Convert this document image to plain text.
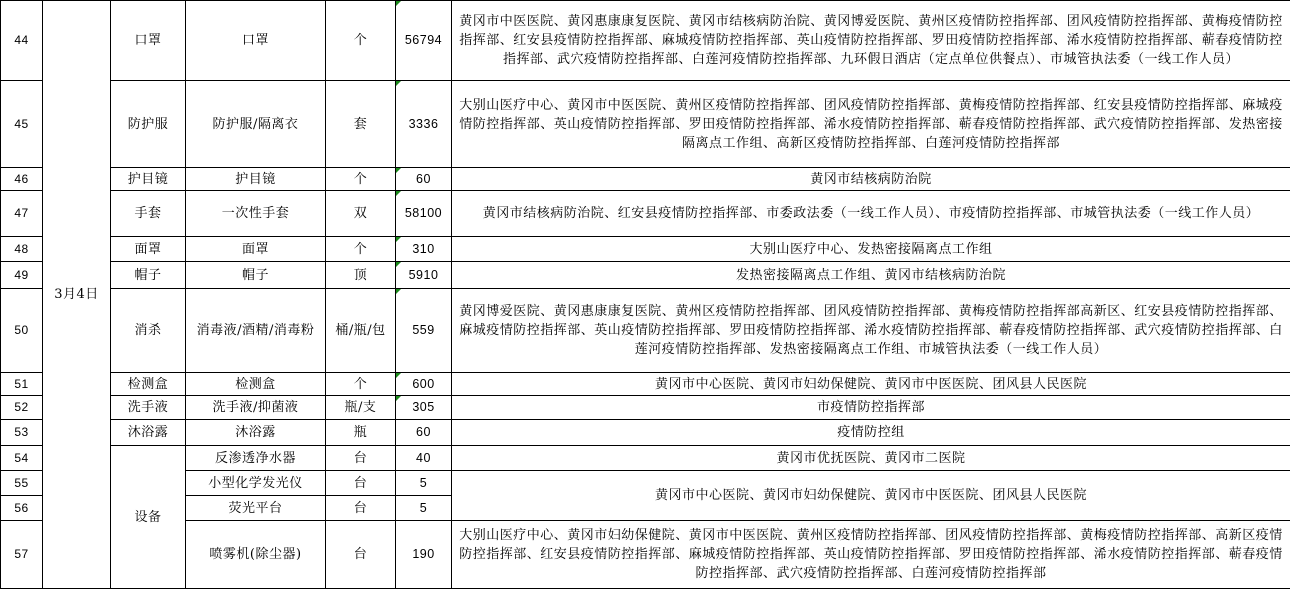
44	3月4日	口罩	口罩	个	56794	黄冈市中医医院、黄冈惠康康复医院、黄冈市结核病防治院、黄冈博爱医院、黄州区疫情防控指挥部、团风疫情防控指挥部、黄梅疫情防控指挥部、红安县疫情防控指挥部、麻城疫情防控指挥部、英山疫情防控指挥部、罗田疫情防控指挥部、浠水疫情防控指挥部、蕲春疫情防控指挥部、武穴疫情防控指挥部、白莲河疫情防控指挥部、九环假日酒店（定点单位供餐点）、市城管执法委（一线工作人员）
45		防护服	防护服/隔离衣	套	3336	大别山医疗中心、黄冈市中医医院、黄州区疫情防控指挥部、团风疫情防控指挥部、黄梅疫情防控指挥部、红安县疫情防控指挥部、麻城疫情防控指挥部、英山疫情防控指挥部、罗田疫情防控指挥部、浠水疫情防控指挥部、蕲春疫情防控指挥部、武穴疫情防控指挥部、发热密接隔离点工作组、高新区疫情防控指挥部、白莲河疫情防控指挥部
46		护目镜	护目镜	个	60	黄冈市结核病防治院
47		手套	一次性手套	双	58100	黄冈市结核病防治院、红安县疫情防控指挥部、市委政法委（一线工作人员）、市疫情防控指挥部、市城管执法委（一线工作人员）
48		面罩	面罩	个	310	大别山医疗中心、发热密接隔离点工作组
49		帽子	帽子	顶	5910	发热密接隔离点工作组、黄冈市结核病防治院
50		消杀	消毒液/酒精/消毒粉	桶/瓶/包	559	黄冈博爱医院、黄冈惠康康复医院、黄州区疫情防控指挥部、团风疫情防控指挥部、黄梅疫情防控指挥部高新区、红安县疫情防控指挥部、麻城疫情防控指挥部、英山疫情防控指挥部、罗田疫情防控指挥部、浠水疫情防控指挥部、蕲春疫情防控指挥部、武穴疫情防控指挥部、白莲河疫情防控指挥部、发热密接隔离点工作组、市城管执法委（一线工作人员）
51		检测盒	检测盒	个	600	黄冈市中心医院、黄冈市妇幼保健院、黄冈市中医医院、团风县人民医院
52		洗手液	洗手液/抑菌液	瓶/支	305	市疫情防控指挥部
53		沐浴露	沐浴露	瓶	60	疫情防控组
54		设备	反渗透净水器	台	40	黄冈市优抚医院、黄冈市二医院
55			小型化学发光仪	台	5	黄冈市中心医院、黄冈市妇幼保健院、黄冈市中医医院、团风县人民医院
56			荧光平台	台	5	
57			喷雾机(除尘器)	台	190	大别山医疗中心、黄冈市妇幼保健院、黄冈市中医医院、黄州区疫情防控指挥部、团风疫情防控指挥部、黄梅疫情防控指挥部、高新区疫情防控指挥部、红安县疫情防控指挥部、麻城疫情防控指挥部、英山疫情防控指挥部、罗田疫情防控指挥部、浠水疫情防控指挥部、蕲春疫情防控指挥部、武穴疫情防控指挥部、白莲河疫情防控指挥部
